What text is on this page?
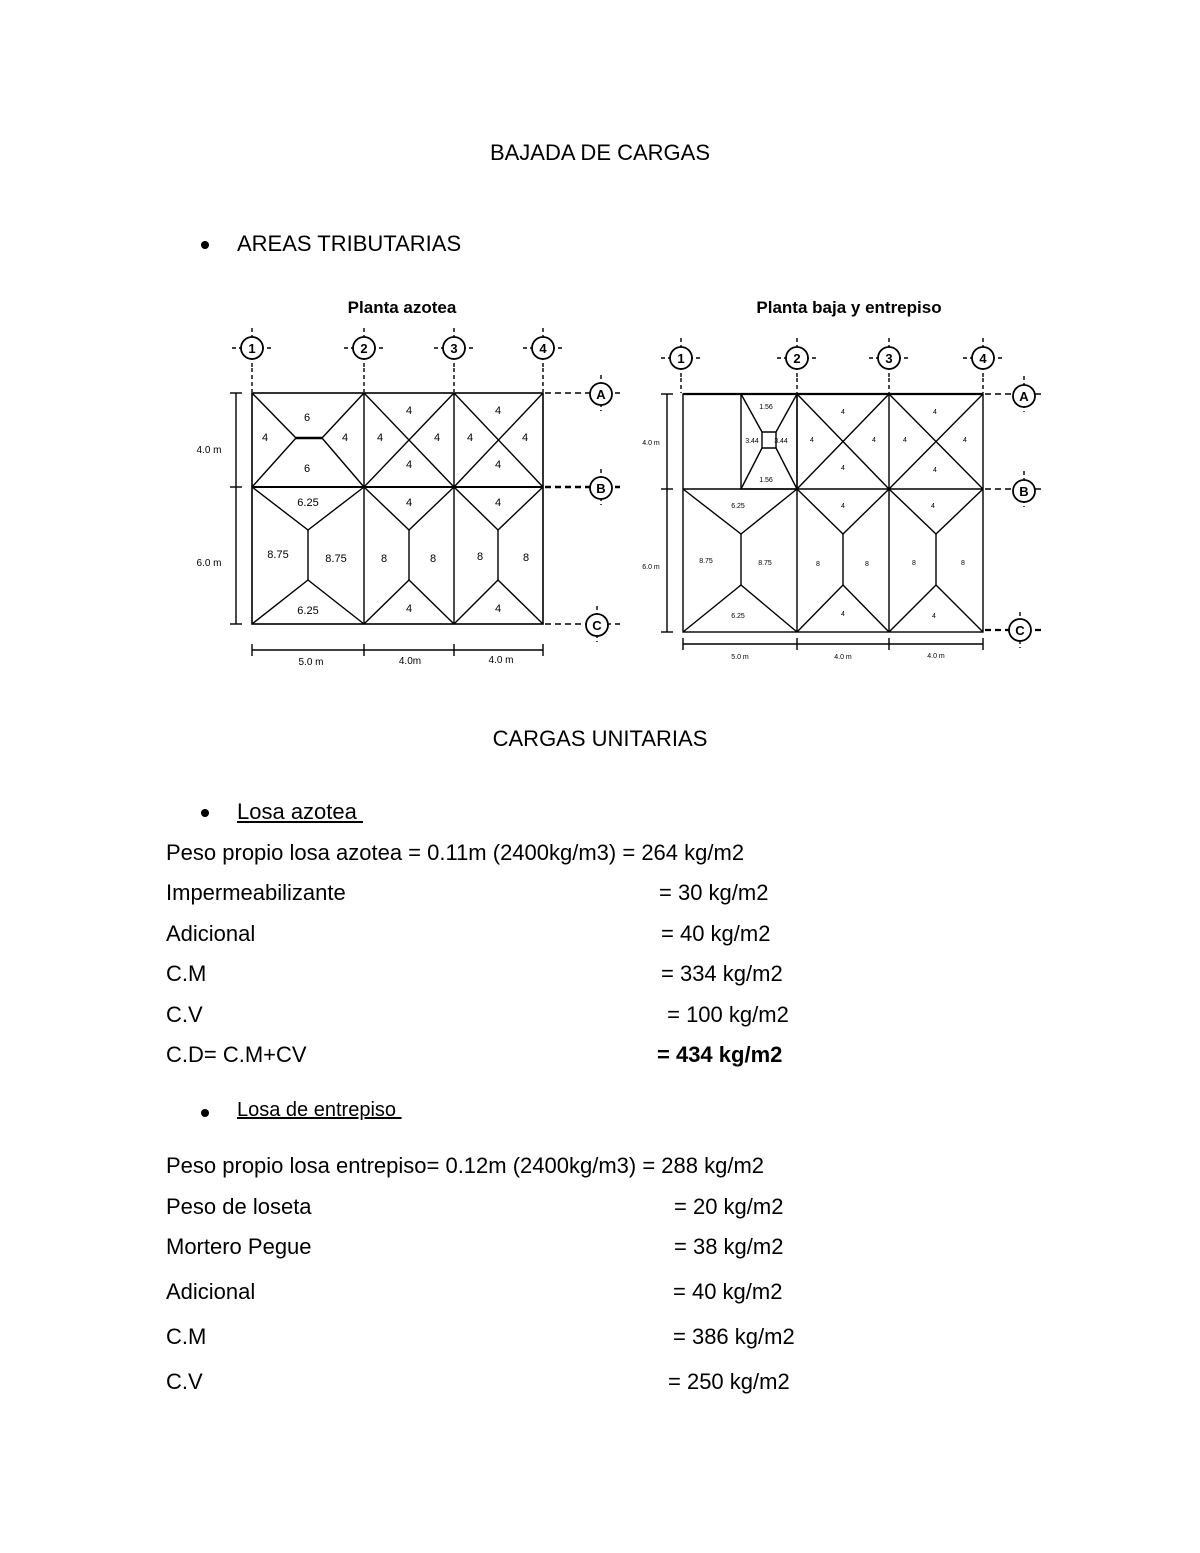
BAJADA DE CARGAS
AREAS TRIBUTARIAS
Planta azotea
1	2	3	4
A
B
C
4.0 m
6.0 m
5.0 m	4.0m	4.0 m
6
4	4
6
4
4	4
4
4
4	4
4
6.25
8.75	8.75
6.25
4
8	8
4
4
8	8
4
Planta baja y entrepiso
1	2	3	4
A
B
C
4.0 m
6.0 m
5.0 m	4.0 m	4.0 m
1.56
3.44 3.44
1.56
4
4	4
4
4
4	4
4
6.25
8.75	8.75
6.25
4
8	8
4
4
8	8
4
CARGAS UNITARIAS
Losa azotea
Peso propio losa azotea = 0.11m (2400kg/m3) = 264 kg/m2
Impermeabilizante	= 30 kg/m2
Adicional	= 40 kg/m2
C.M	= 334 kg/m2
C.V	= 100 kg/m2
C.D= C.M+CV	= 434 kg/m2
Losa de entrepiso
Peso propio losa entrepiso= 0.12m (2400kg/m3) = 288 kg/m2
Peso de loseta	= 20 kg/m2
Mortero Pegue	= 38 kg/m2
Adicional	= 40 kg/m2
C.M	= 386 kg/m2
C.V	= 250 kg/m2
